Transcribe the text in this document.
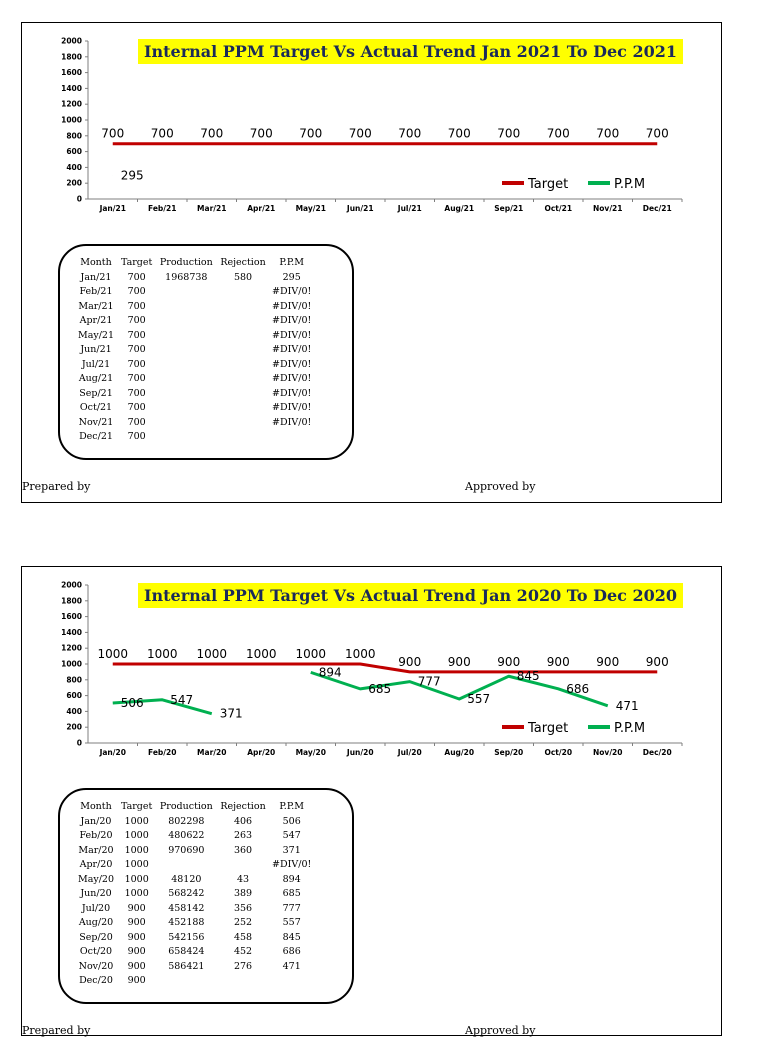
0
200
400
600
800
1000
1200
1400
1600
1800
2000
Jan/21	Feb/21	Mar/21	Apr/21	May/21	Jun/21	Jul/21	Aug/21	Sep/21	Oct/21	Nov/21	Dec/21
700 700 700 700 700 700 700 700 700 700 700 700
295
Target	P.P.M
Internal PPM Target Vs Actual Trend Jan 2021 To Dec 2021
Month	Target	Production	Rejection	P.P.M
Jan/21	700	1968738	580	295
Feb/21	700			#DIV/0!
Mar/21	700			#DIV/0!
Apr/21	700			#DIV/0!
May/21	700			#DIV/0!
Jun/21	700			#DIV/0!
Jul/21	700			#DIV/0!
Aug/21	700			#DIV/0!
Sep/21	700			#DIV/0!
Oct/21	700			#DIV/0!
Nov/21	700			#DIV/0!
Dec/21	700			
Prepared by	Approved by
0
200
400
600
800
1000
1200
1400
1600
1800
2000
Jan/20	Feb/20	Mar/20	Apr/20	May/20	Jun/20	Jul/20	Aug/20	Sep/20	Oct/20	Nov/20	Dec/20
1000 1000 1000 1000 1000 1000
900 900 900 900 900 900
506 547
371
894
685
777
557
845
686
471
Target	P.P.M
Internal PPM Target Vs Actual Trend Jan 2020 To Dec 2020
Month	Target	Production	Rejection	P.P.M
Jan/20	1000	802298	406	506
Feb/20	1000	480622	263	547
Mar/20	1000	970690	360	371
Apr/20	1000			#DIV/0!
May/20	1000	48120	43	894
Jun/20	1000	568242	389	685
Jul/20	900	458142	356	777
Aug/20	900	452188	252	557
Sep/20	900	542156	458	845
Oct/20	900	658424	452	686
Nov/20	900	586421	276	471
Dec/20	900			
Prepared by	Approved by
